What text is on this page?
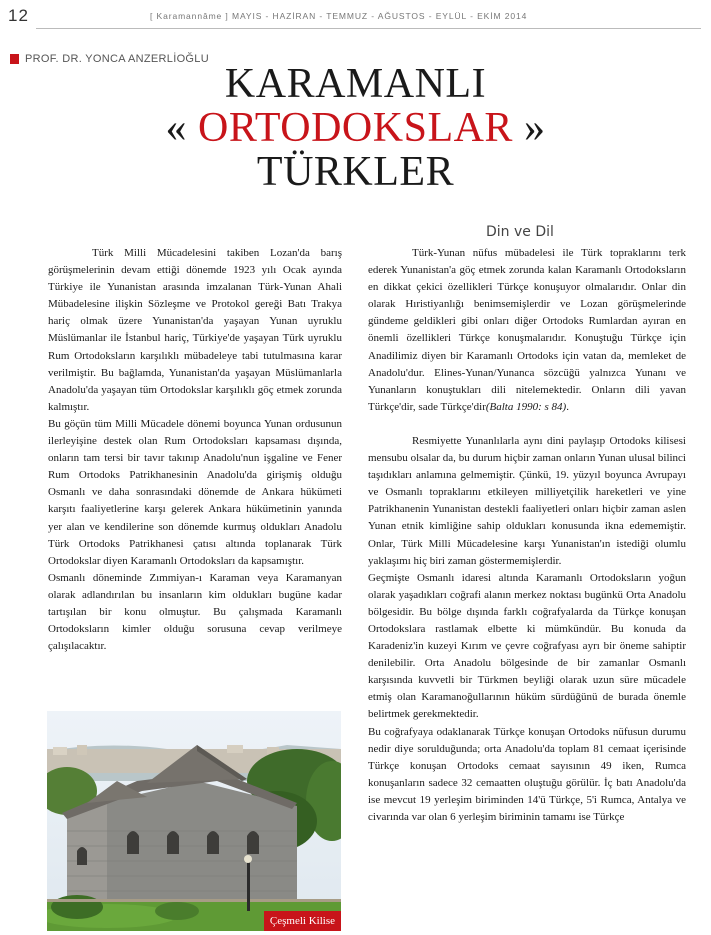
12	[ Karamannâme ] MAYIS - HAZİRAN - TEMMUZ - AĞUSTOS - EYLÜL - EKİM 2014
PROF. DR. YONCA ANZERLİOĞLU
KARAMANLI
« ORTODOKSLAR »
TÜRKLER
Din ve Dil

Türk Milli Mücadelesini takiben Lozan'da barış görüşmelerinin devam ettiği dönemde 1923 yılı Ocak ayında Türkiye ile Yunanistan arasında imzalanan Türk-Yunan Ahali Mübadelesine ilişkin Sözleşme ve Protokol gereği Batı Trakya hariç olmak üzere Yunanistan'da yaşayan Yunan uyruklu Müslümanlar ile İstanbul hariç, Türkiye'de yaşayan Türk uyruklu Rum Ortodoksların karşılıklı mübadeleye tabi tutulmasına karar verilmiştir. Bu bağlamda, Yunanistan'da yaşayan Müslümanlarla Anadolu'da yaşayan tüm Ortodokslar karşılıklı göç etmek zorunda kalmıştır.

Bu göçün tüm Milli Mücadele dönemi boyunca Yunan ordusunun ilerleyişine destek olan Rum Ortodoksları kapsaması dışında, onların tam tersi bir tavır takınıp Anadolu'nun işgaline ve Fener Rum Ortodoks Patrikhanesinin Anadolu'da girişmiş olduğu Osmanlı ve daha sonrasındaki dönemde de Ankara hükümeti karşıtı faaliyetlerine karşı gelerek Ankara hükümetinin yanında yer alan ve kendilerine son dönemde kurmuş oldukları Anadolu Türk Ortodoks Patrikhanesi çatısı altında toplanarak Türk Ortodokslar diyen Karamanlı Ortodoksları da kapsamıştır.

Osmanlı döneminde Zımmiyan-ı Karaman veya Karamanyan olarak adlandırılan bu insanların kim oldukları bugüne kadar tartışılan bir konu olmuştur. Bu çalışmada Karamanlı Ortodoksların kimler olduğu sorusuna cevap verilmeye çalışılacaktır.

Türk-Yunan nüfus mübadelesi ile Türk topraklarını terk ederek Yunanistan'a göç etmek zorunda kalan Karamanlı Ortodoksların en dikkat çekici özellikleri Türkçe konuşuyor olmalarıdır. Onlar din olarak Hıristiyanlığı benimsemişlerdir ve Lozan görüşmelerinde gündeme geldikleri gibi onları diğer Ortodoks Rumlardan ayıran en önemli özellikleri Türkçe konuşmalarıdır. Konuştuğu Türkçe için Anadilimiz diyen bir Karamanlı Ortodoks için vatan da, memleket de Anadolu'dur. Elines-Yunan/Yunanca sözcüğü yalnızca Yunanı ve Yunanların konuştukları dili nitelemektedir. Onların dili yavan Türkçe'dir, sade Türkçe'dir(Balta 1990: s 84).

Resmiyette Yunanlılarla aynı dini paylaşıp Ortodoks kilisesi mensubu olsalar da, bu durum hiçbir zaman onların Yunan ulusal bilinci taşıdıkları anlamına gelmemiştir. Çünkü, 19. yüzyıl boyunca Avrupayı ve Osmanlı topraklarını etkileyen milliyetçilik hareketleri ve yine Patrikhanenin Yunanistan destekli faaliyetleri onları hiçbir zaman aslen Yunan etnik kimliğine sahip oldukları konusunda ikna edememiştir. Onlar, Türk Milli Mücadelesine karşı Yunanistan'ın istediği olumlu yaklaşımı hiç biri zaman göstermemişlerdir.

Geçmişte Osmanlı idaresi altında Karamanlı Ortodoksların yoğun olarak yaşadıkları coğrafi alanın merkez noktası bugünkü Orta Anadolu bölgesidir. Bu bölge dışında farklı coğrafyalarda da Türkçe konuşan Ortodokslara rastlamak elbette ki mümkündür. Bu konuda da Karadeniz'in kuzeyi Kırım ve çevre coğrafyası ayrı bir öneme sahiptir denilebilir. Orta Anadolu bölgesinde de bir zamanlar Osmanlı karşısında kuvvetli bir Türkmen beyliği olarak uzun süre mücadele etmiş olan Karamanoğullarının hüküm sürdüğünü de burada önemle belirtmek gerekmektedir.

Bu coğrafyaya odaklanarak Türkçe konuşan Ortodoks nüfusun durumu nedir diye sorulduğunda; orta Anadolu'da toplam 81 cemaat içerisinde Türkçe konuşan Ortodoks cemaat sayısının 49 iken, Rumca konuşanların sadece 32 cemaatten oluştuğu görülür. İç batı Anadolu'da ise mevcut 19 yerleşim biriminden 14'ü Türkçe, 5'i Rumca, Antalya ve civarında var olan 6 yerleşim biriminin tamamı ise Türkçe

Çeşmeli Kilise
